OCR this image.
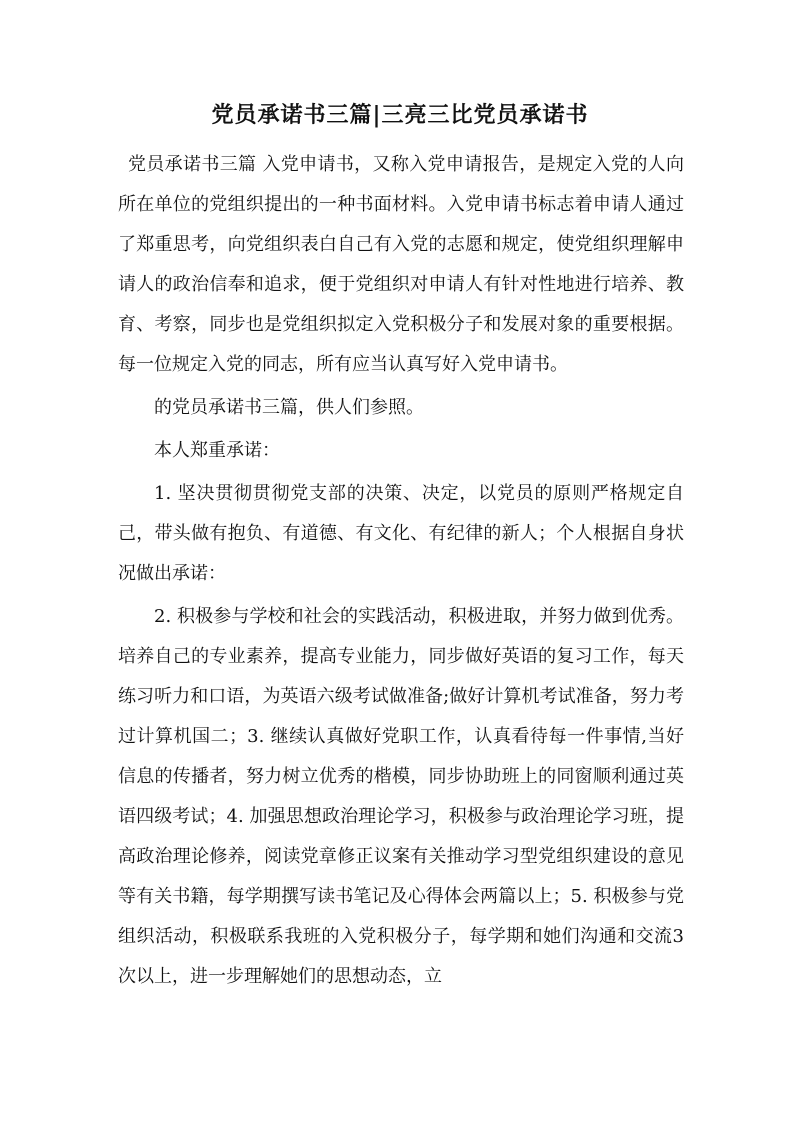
党员承诺书三篇|三亮三比党员承诺书

党员承诺书三篇 入党申请书，又称入党申请报告，是规定入党的人向所在单位的党组织提出的一种书面材料。入党申请书标志着申请人通过了郑重思考，向党组织表白自己有入党的志愿和规定，使党组织理解申请人的政治信奉和追求，便于党组织对申请人有针对性地进行培养、教育、考察，同步也是党组织拟定入党积极分子和发展对象的重要根据。每一位规定入党的同志，所有应当认真写好入党申请书。

的党员承诺书三篇，供人们参照。

本人郑重承诺：

1. 坚决贯彻贯彻党支部的决策、决定，以党员的原则严格规定自己，带头做有抱负、有道德、有文化、有纪律的新人；个人根据自身状况做出承诺：

2. 积极参与学校和社会的实践活动，积极进取，并努力做到优秀。培养自己的专业素养，提高专业能力，同步做好英语的复习工作，每天练习听力和口语，为英语六级考试做准备;做好计算机考试准备，努力考过计算机国二；3. 继续认真做好党职工作，认真看待每一件事情,当好信息的传播者，努力树立优秀的楷模，同步协助班上的同窗顺利通过英语四级考试；4. 加强思想政治理论学习，积极参与政治理论学习班，提高政治理论修养，阅读党章修正议案有关推动学习型党组织建设的意见等有关书籍，每学期撰写读书笔记及心得体会两篇以上；5. 积极参与党组织活动，积极联系我班的入党积极分子，每学期和她们沟通和交流3次以上，进一步理解她们的思想动态，立
